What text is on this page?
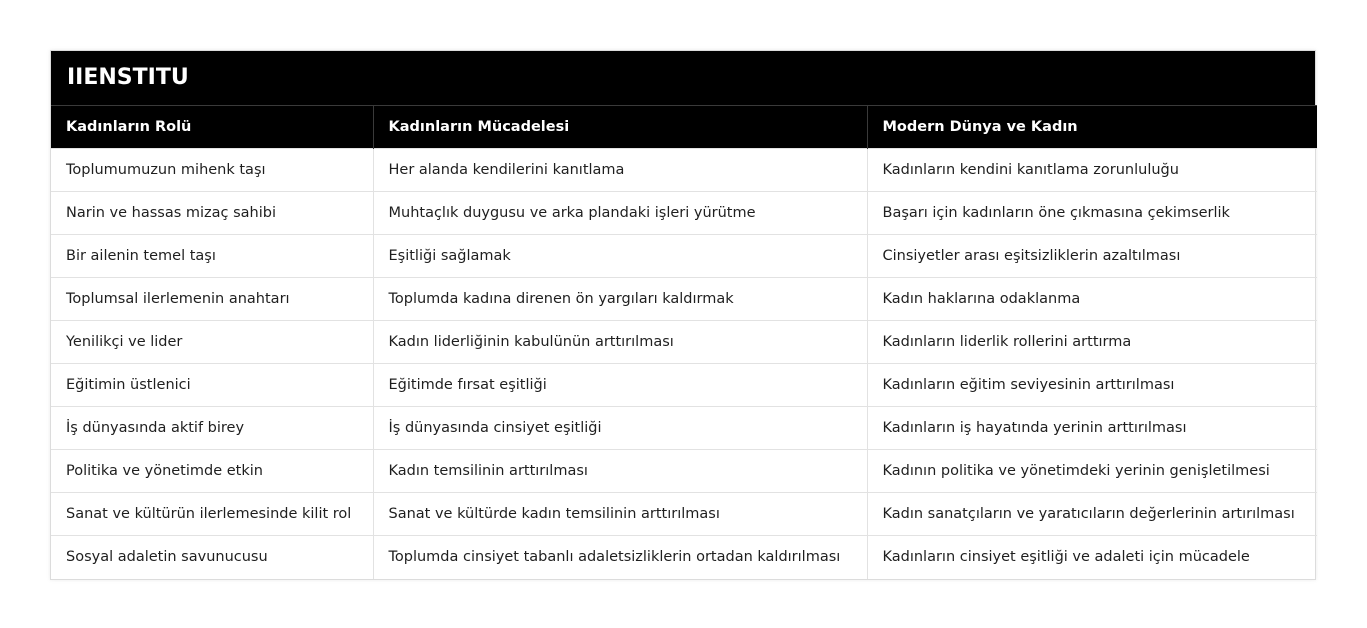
IIENSTITU
Kadınların Rolü	Kadınların Mücadelesi	Modern Dünya ve Kadın
Toplumumuzun mihenk taşı	Her alanda kendilerini kanıtlama	Kadınların kendini kanıtlama zorunluluğu
Narin ve hassas mizaç sahibi	Muhtaçlık duygusu ve arka plandaki işleri yürütme	Başarı için kadınların öne çıkmasına çekimserlik
Bir ailenin temel taşı	Eşitliği sağlamak	Cinsiyetler arası eşitsizliklerin azaltılması
Toplumsal ilerlemenin anahtarı	Toplumda kadına direnen ön yargıları kaldırmak	Kadın haklarına odaklanma
Yenilikçi ve lider	Kadın liderliğinin kabulünün arttırılması	Kadınların liderlik rollerini arttırma
Eğitimin üstlenici	Eğitimde fırsat eşitliği	Kadınların eğitim seviyesinin arttırılması
İş dünyasında aktif birey	İş dünyasında cinsiyet eşitliği	Kadınların iş hayatında yerinin arttırılması
Politika ve yönetimde etkin	Kadın temsilinin arttırılması	Kadının politika ve yönetimdeki yerinin genişletilmesi
Sanat ve kültürün ilerlemesinde kilit rol	Sanat ve kültürde kadın temsilinin arttırılması	Kadın sanatçıların ve yaratıcıların değerlerinin artırılması
Sosyal adaletin savunucusu	Toplumda cinsiyet tabanlı adaletsizliklerin ortadan kaldırılması	Kadınların cinsiyet eşitliği ve adaleti için mücadele
